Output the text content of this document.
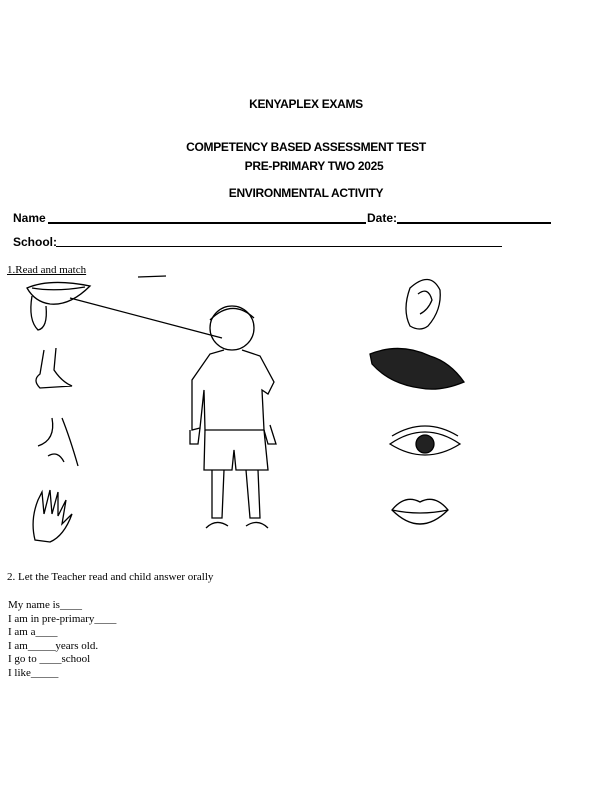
KENYAPLEX EXAMS
COMPETENCY BASED ASSESSMENT TEST
PRE-PRIMARY TWO 2025
ENVIRONMENTAL ACTIVITY
Name	Date:
School:
1.Read and match
2. Let the Teacher read and child answer orally
My name is____
I am in pre-primary____
I am a____
I am_____years old.
I go to ____school
I like_____
